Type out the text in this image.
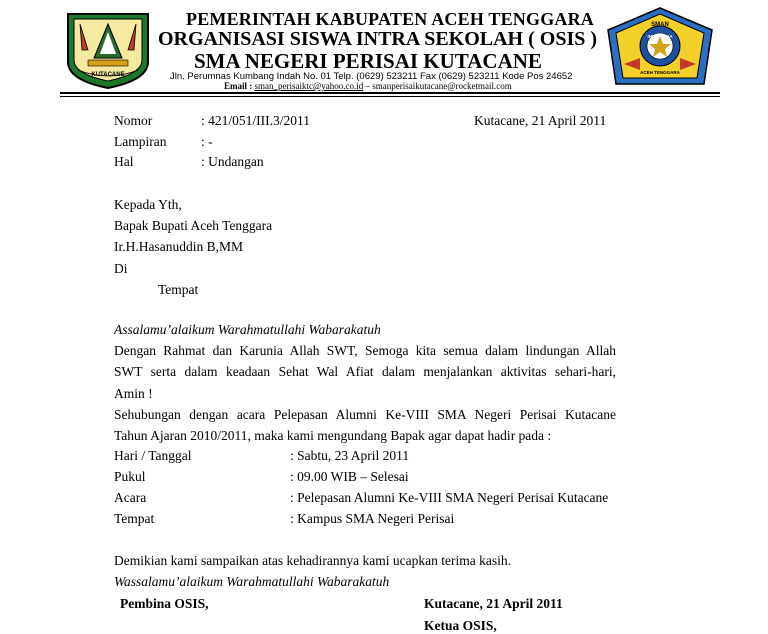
KUTACANE
SMAN
INDONESIA
ACEH TENGGARA
PEMERINTAH KABUPATEN ACEH TENGGARA
ORGANISASI SISWA INTRA SEKOLAH ( OSIS )
SMA NEGERI PERISAI KUTACANE
Jln. Perumnas Kumbang Indah No. 01 Telp. (0629) 523211 Fax (0629) 523211 Kode Pos 24652
Email : sman_perisaiktc@yahoo.co.id – smanperisaikutacane@rocketmail.com
Nomor	: 421/051/III.3/2011	Kutacane, 21 April 2011
Lampiran	: -
Hal	: Undangan
Kepada Yth,
Bapak Bupati Aceh Tenggara
Ir.H.Hasanuddin B,MM
Di
Tempat
Assalamu’alaikum Warahmatullahi Wabarakatuh
Dengan Rahmat dan Karunia Allah SWT, Semoga kita semua dalam lindungan Allah
SWT serta dalam keadaan Sehat Wal Afiat dalam menjalankan aktivitas sehari-hari,
Amin !
Sehubungan dengan acara Pelepasan Alumni Ke-VIII SMA Negeri Perisai Kutacane
Tahun Ajaran 2010/2011, maka kami mengundang Bapak agar dapat hadir pada :
Hari / Tanggal	: Sabtu, 23 April 2011
Pukul	: 09.00 WIB – Selesai
Acara	: Pelepasan Alumni Ke-VIII SMA Negeri Perisai Kutacane
Tempat	: Kampus SMA Negeri Perisai
Demikian kami sampaikan atas kehadirannya kami ucapkan terima kasih.
Wassalamu’alaikum Warahmatullahi Wabarakatuh
Pembina OSIS,	Kutacane, 21 April 2011
Ketua OSIS,
